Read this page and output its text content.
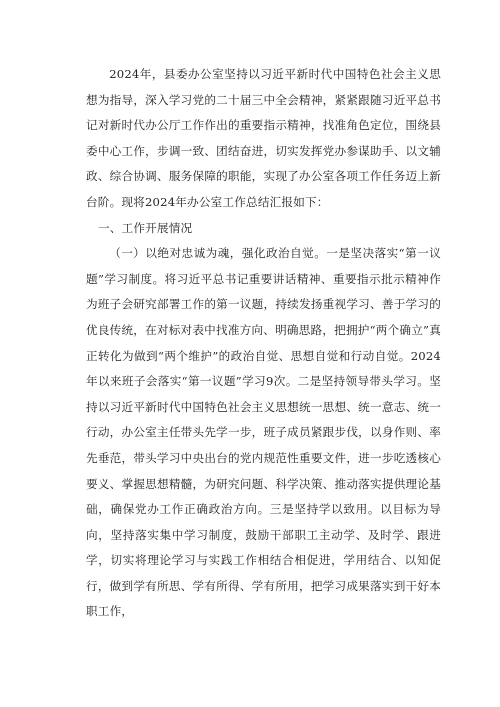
2024年，县委办公室坚持以习近平新时代中国特色社会主义思想为指导，深入学习党的二十届三中全会精神，紧紧跟随习近平总书记对新时代办公厅工作作出的重要指示精神，找准角色定位，围绕县委中心工作，步调一致、团结奋进，切实发挥党办参谋助手、以文辅政、综合协调、服务保障的职能，实现了办公室各项工作任务迈上新台阶。现将2024年办公室工作总结汇报如下：

一、工作开展情况

（一）以绝对忠诚为魂，强化政治自觉。一是坚决落实“第一议题”学习制度。将习近平总书记重要讲话精神、重要指示批示精神作为班子会研究部署工作的第一议题，持续发扬重视学习、善于学习的优良传统，在对标对表中找准方向、明确思路，把拥护“两个确立”真正转化为做到“两个维护”的政治自觉、思想自觉和行动自觉。2024年以来班子会落实“第一议题”学习9次。二是坚持领导带头学习。坚持以习近平新时代中国特色社会主义思想统一思想、统一意志、统一行动，办公室主任带头先学一步，班子成员紧跟步伐，以身作则、率先垂范，带头学习中央出台的党内规范性重要文件，进一步吃透核心要义、掌握思想精髓，为研究问题、科学决策、推动落实提供理论基础，确保党办工作正确政治方向。三是坚持学以致用。以目标为导向，坚持落实集中学习制度，鼓励干部职工主动学、及时学、跟进学，切实将理论学习与实践工作相结合相促进，学用结合、以知促行，做到学有所思、学有所得、学有所用，把学习成果落实到干好本职工作，
